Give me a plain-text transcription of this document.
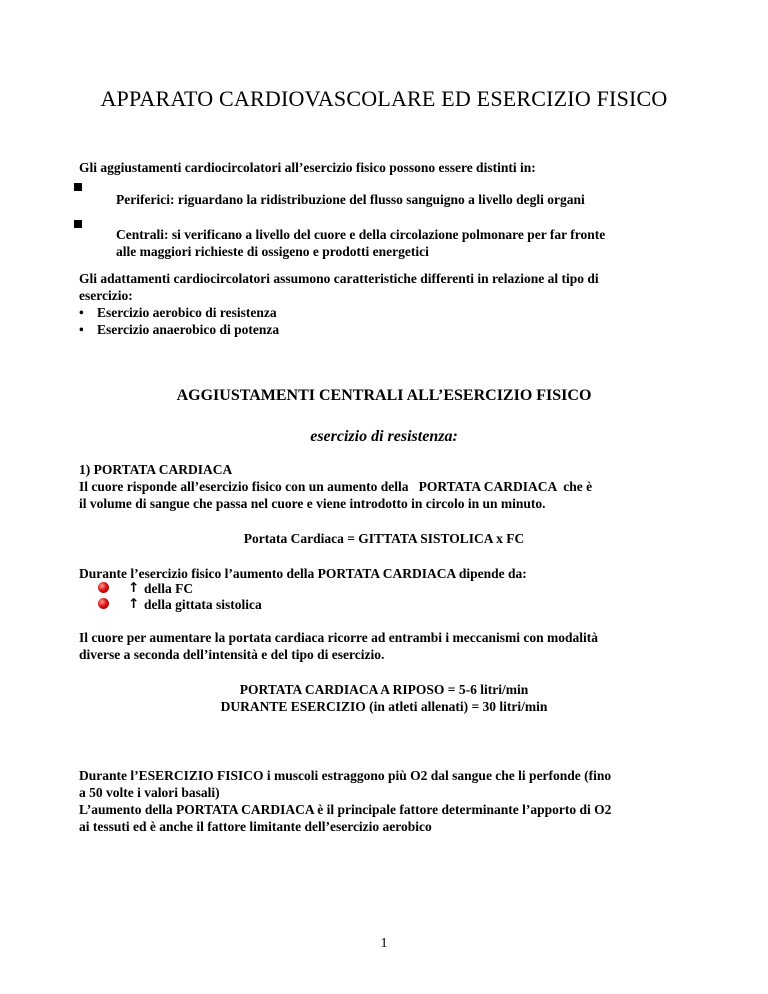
APPARATO CARDIOVASCOLARE ED ESERCIZIO FISICO
Gli aggiustamenti cardiocircolatori all’esercizio fisico possono essere distinti in:
Periferici: riguardano la ridistribuzione del flusso sanguigno a livello degli organi
Centrali: si verificano a livello del cuore e della circolazione polmonare per far fronte
alle maggiori richieste di ossigeno e prodotti energetici
Gli adattamenti cardiocircolatori assumono caratteristiche differenti in relazione al tipo di
esercizio:
• Esercizio aerobico di resistenza
• Esercizio anaerobico di potenza
AGGIUSTAMENTI CENTRALI ALL’ESERCIZIO FISICO
esercizio di resistenza:
1) PORTATA CARDIACA
Il cuore risponde all’esercizio fisico con un aumento della   PORTATA CARDIACA  che è
il volume di sangue che passa nel cuore e viene introdotto in circolo in un minuto.
Portata Cardiaca = GITTATA SISTOLICA x FC
Durante l’esercizio fisico l’aumento della PORTATA CARDIACA dipende da:
↑ della FC
↑ della gittata sistolica
Il cuore per aumentare la portata cardiaca ricorre ad entrambi i meccanismi con modalità
diverse a seconda dell’intensità e del tipo di esercizio.
PORTATA CARDIACA A RIPOSO = 5-6 litri/min
DURANTE ESERCIZIO (in atleti allenati) = 30 litri/min
Durante l’ESERCIZIO FISICO i muscoli estraggono più O2 dal sangue che li perfonde (fino
a 50 volte i valori basali)
L’aumento della PORTATA CARDIACA è il principale fattore determinante l’apporto di O2
ai tessuti ed è anche il fattore limitante dell’esercizio aerobico
1
